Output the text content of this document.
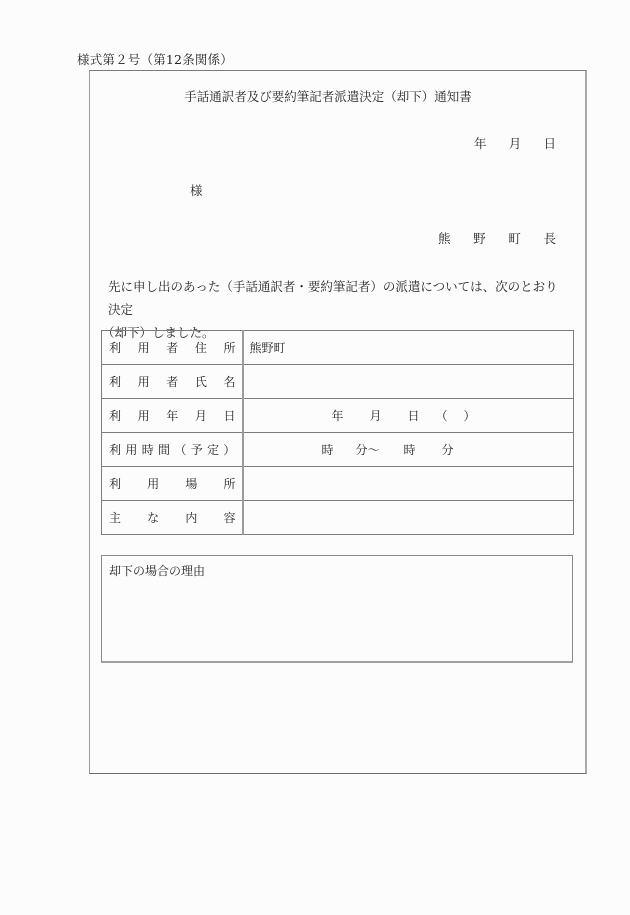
様式第２号（第12条関係）
手話通訳者及び要約筆記者派遣決定（却下）通知書
年 月 日
様
熊 野 町 長
先に申し出のあった（手話通訳者・要約筆記者）の派遣については、次のとおり決定
（却下）しました。
利 用 者 住 所	熊野町

利 用 者 氏 名	

利 用 年 月 日	年 月 日 （ ）

利 用 時 間 （ 予 定 ）	時	分～	時	分

利 用 場 所	

主 な 内 容	

却下の場合の理由
